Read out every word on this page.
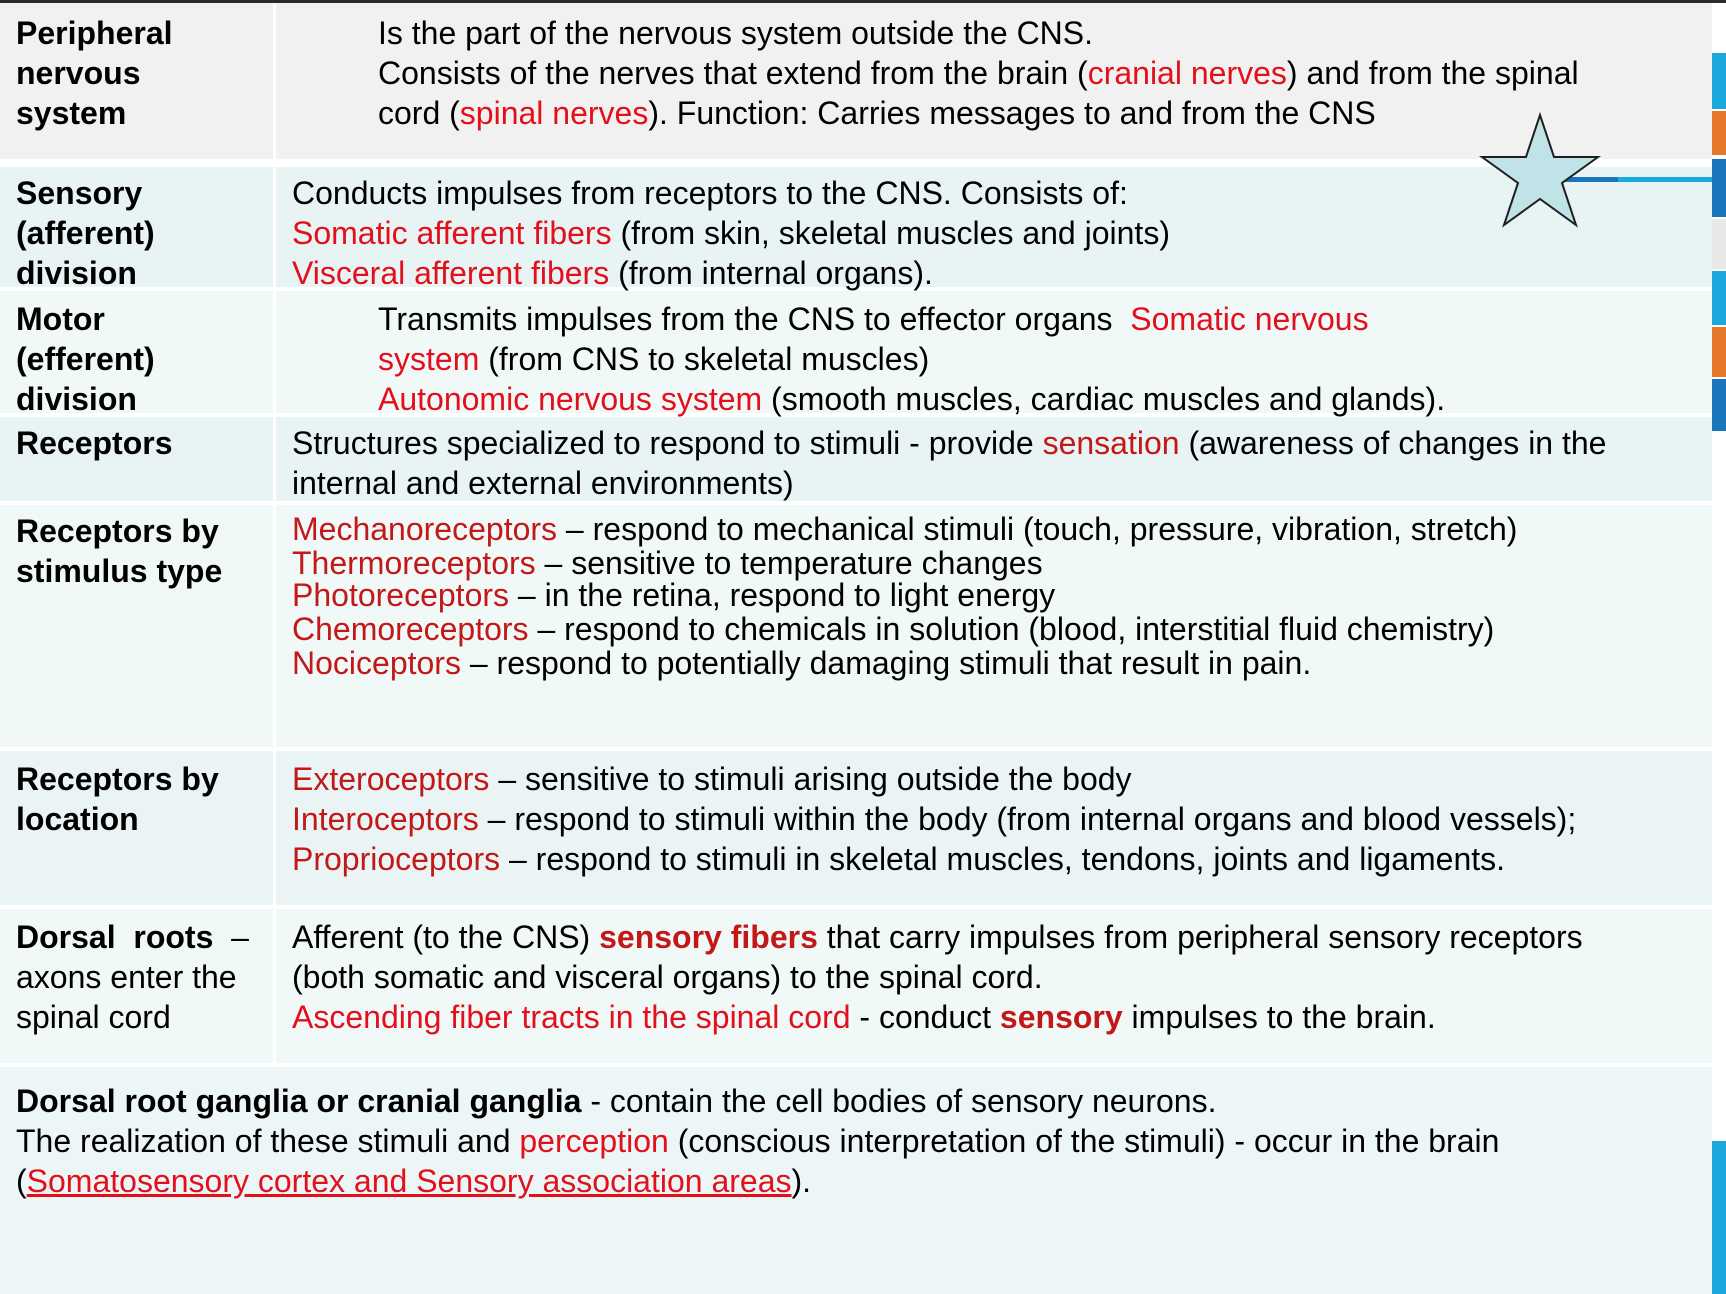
Peripheral
nervous
system
Is the part of the nervous system outside the CNS.
Consists of the nerves that extend from the brain (cranial nerves) and from the spinal
cord (spinal nerves). Function: Carries messages to and from the CNS
Sensory
(afferent)
division
Conducts impulses from receptors to the CNS. Consists of:
Somatic afferent fibers (from skin, skeletal muscles and joints)
Visceral afferent fibers (from internal organs).
Motor
(efferent)
division
Transmits impulses from the CNS to effector organs  Somatic nervous
system (from CNS to skeletal muscles)
Autonomic nervous system (smooth muscles, cardiac muscles and glands).
Receptors	Structures specialized to respond to stimuli - provide sensation (awareness of changes in the
internal and external environments)
Receptors by
stimulus type
Mechanoreceptors – respond to mechanical stimuli (touch, pressure, vibration, stretch)
Thermoreceptors – sensitive to temperature changes
Photoreceptors – in the retina, respond to light energy
Chemoreceptors – respond to chemicals in solution (blood, interstitial fluid chemistry)
Nociceptors – respond to potentially damaging stimuli that result in pain.
Receptors by
location
Exteroceptors – sensitive to stimuli arising outside the body
Interoceptors – respond to stimuli within the body (from internal organs and blood vessels);
Proprioceptors – respond to stimuli in skeletal muscles, tendons, joints and ligaments.
Dorsal  roots  –
axons enter the
spinal cord
Afferent (to the CNS) sensory fibers that carry impulses from peripheral sensory receptors
(both somatic and visceral organs) to the spinal cord.
Ascending fiber tracts in the spinal cord - conduct sensory impulses to the brain.
Dorsal root ganglia or cranial ganglia - contain the cell bodies of sensory neurons.
The realization of these stimuli and perception (conscious interpretation of the stimuli) - occur in the brain
(Somatosensory cortex and Sensory association areas).
